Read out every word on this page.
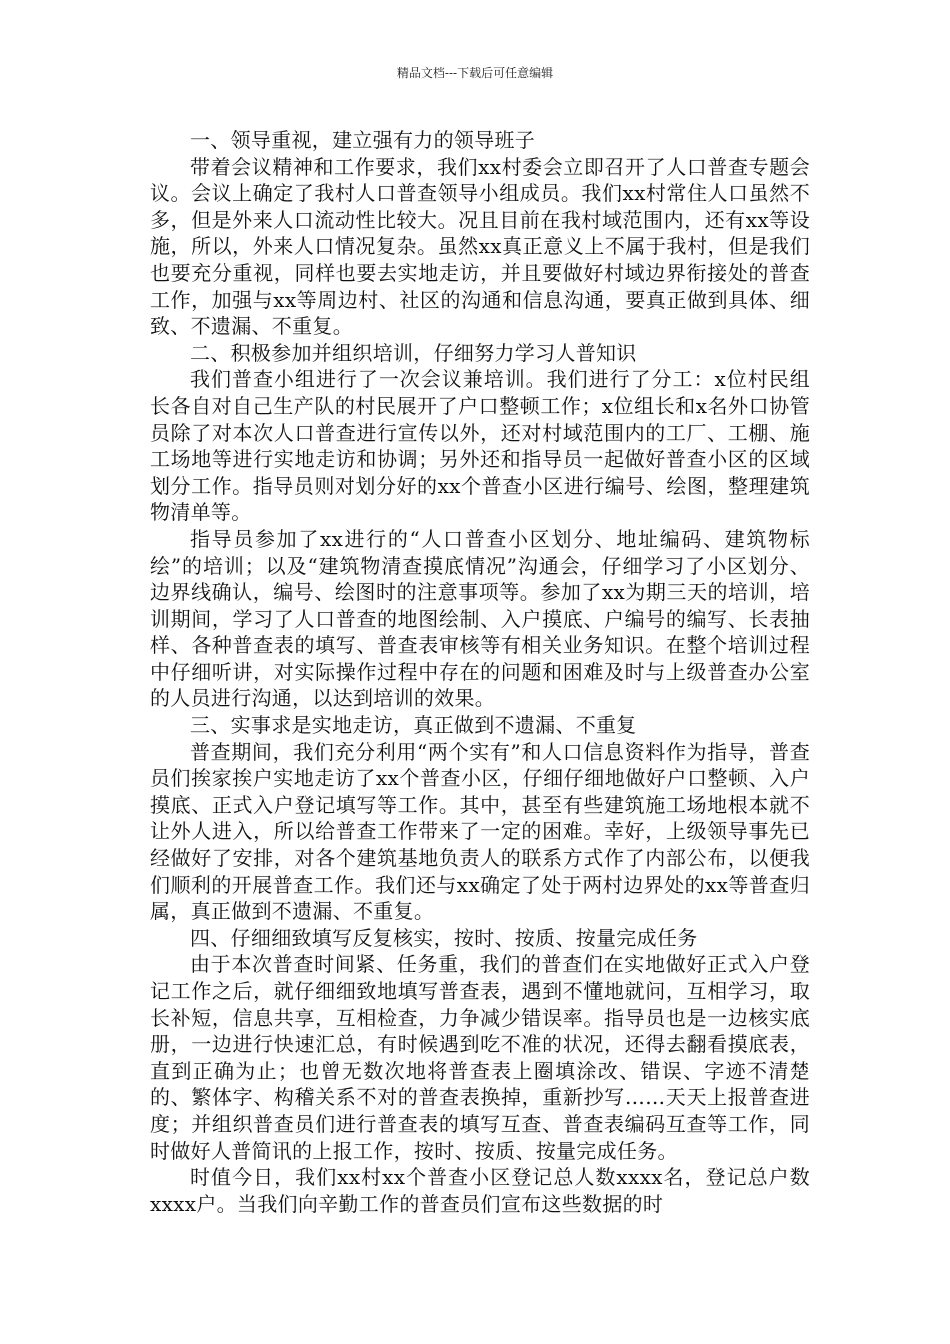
精品文档---下载后可任意编辑

一、领导重视，建立强有力的领导班子

带着会议精神和工作要求，我们xx村委会立即召开了人口普查专题会议。会议上确定了我村人口普查领导小组成员。我们xx村常住人口虽然不多，但是外来人口流动性比较大。况且目前在我村域范围内，还有xx等设施，所以，外来人口情况复杂。虽然xx真正意义上不属于我村，但是我们也要充分重视，同样也要去实地走访，并且要做好村域边界衔接处的普查工作，加强与xx等周边村、社区的沟通和信息沟通，要真正做到具体、细致、不遗漏、不重复。

二、积极参加并组织培训，仔细努力学习人普知识

我们普查小组进行了一次会议兼培训。我们进行了分工：x位村民组长各自对自己生产队的村民展开了户口整顿工作；x位组长和x名外口协管员除了对本次人口普查进行宣传以外，还对村域范围内的工厂、工棚、施工场地等进行实地走访和协调；另外还和指导员一起做好普查小区的区域划分工作。指导员则对划分好的xx个普查小区进行编号、绘图，整理建筑物清单等。

指导员参加了xx进行的“人口普查小区划分、地址编码、建筑物标绘”的培训；以及“建筑物清查摸底情况”沟通会，仔细学习了小区划分、边界线确认，编号、绘图时的注意事项等。参加了xx为期三天的培训，培训期间，学习了人口普查的地图绘制、入户摸底、户编号的编写、长表抽样、各种普查表的填写、普查表审核等有相关业务知识。在整个培训过程中仔细听讲，对实际操作过程中存在的问题和困难及时与上级普查办公室的人员进行沟通，以达到培训的效果。

三、实事求是实地走访，真正做到不遗漏、不重复

普查期间，我们充分利用“两个实有”和人口信息资料作为指导，普查员们挨家挨户实地走访了xx个普查小区，仔细仔细地做好户口整顿、入户摸底、正式入户登记填写等工作。其中，甚至有些建筑施工场地根本就不让外人进入，所以给普查工作带来了一定的困难。幸好，上级领导事先已经做好了安排，对各个建筑基地负责人的联系方式作了内部公布，以便我们顺利的开展普查工作。我们还与xx确定了处于两村边界处的xx等普查归属，真正做到不遗漏、不重复。

四、仔细细致填写反复核实，按时、按质、按量完成任务

由于本次普查时间紧、任务重，我们的普查们在实地做好正式入户登记工作之后，就仔细细致地填写普查表，遇到不懂地就问，互相学习，取长补短，信息共享，互相检查，力争减少错误率。指导员也是一边核实底册，一边进行快速汇总，有时候遇到吃不准的状况，还得去翻看摸底表，直到正确为止；也曾无数次地将普查表上圈填涂改、错误、字迹不清楚的、繁体字、构稽关系不对的普查表换掉，重新抄写……天天上报普查进度；并组织普查员们进行普查表的填写互查、普查表编码互查等工作，同时做好人普简讯的上报工作，按时、按质、按量完成任务。

时值今日，我们xx村xx个普查小区登记总人数xxxx名，登记总户数xxxx户。当我们向辛勤工作的普查员们宣布这些数据的时
